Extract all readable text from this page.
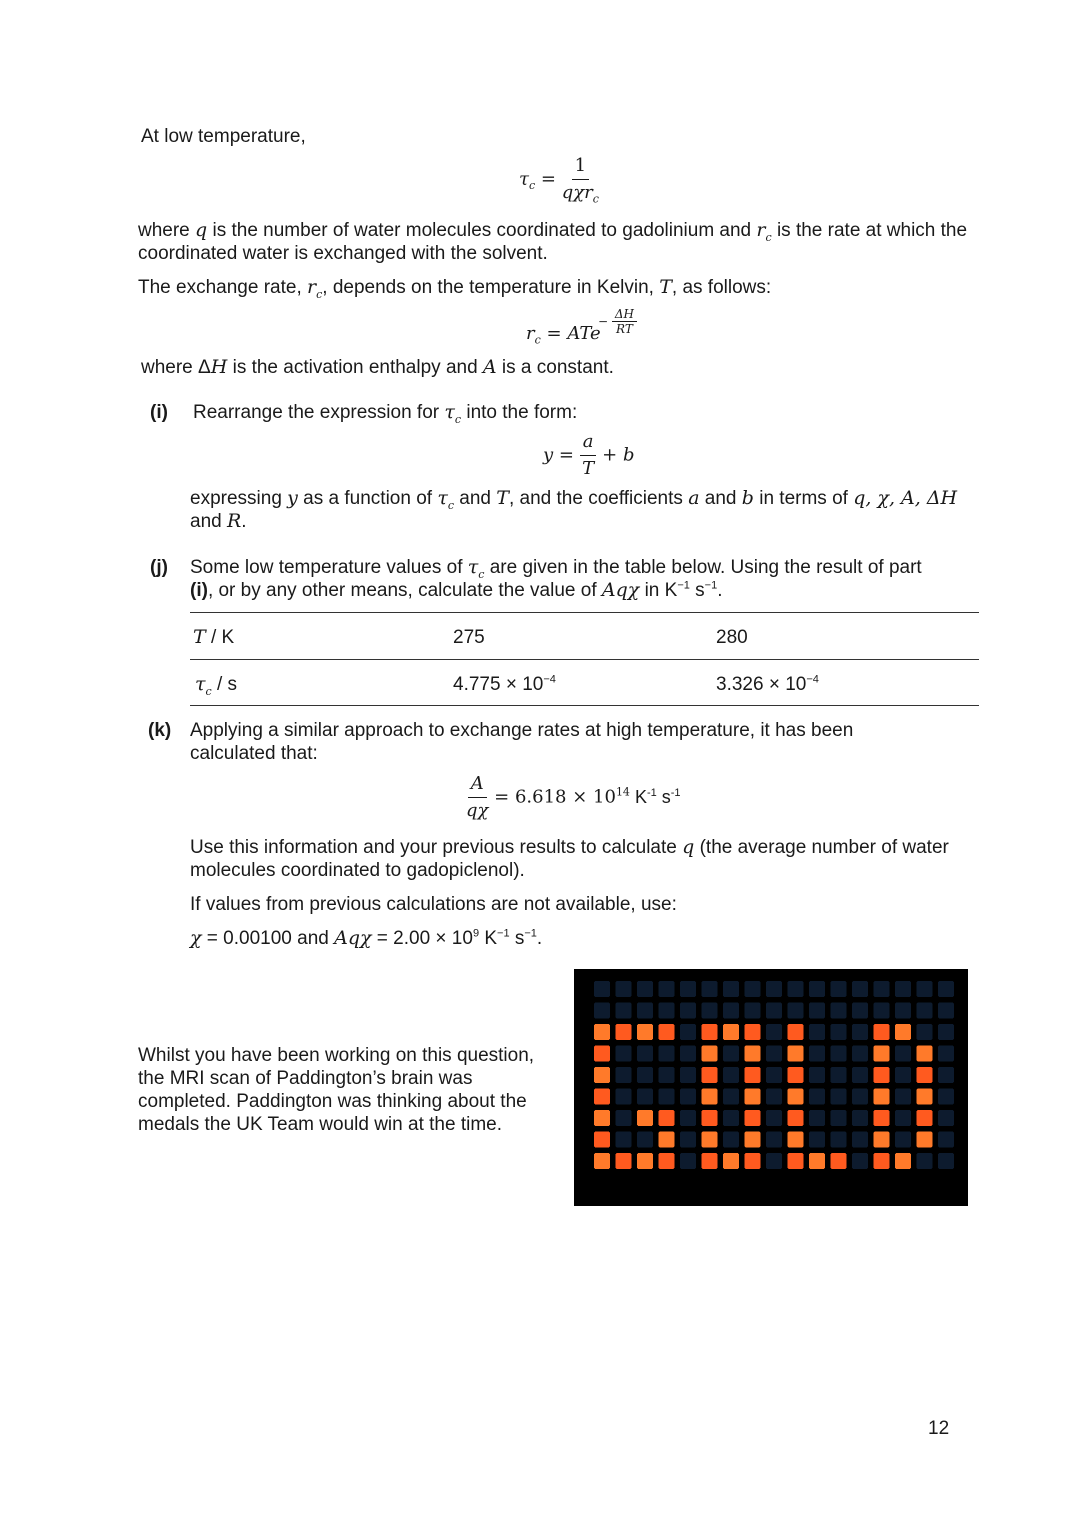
At low temperature,
$\tau_c = \frac{1}{q\chi r_c}$
where q is the number of water molecules coordinated to gadolinium and $r_c$ is the rate at which the coordinated water is exchanged with the solvent.
The exchange rate, $r_c$, depends on the temperature in Kelvin, T, as follows:
$r_c$ = ATe
− $\frac{\Delta H}{RT}$
where ΔH is the activation enthalpy and A is a constant.
(i) Rearrange the expression for $\tau_c$ into the form:
$y = \frac{a}{T} + b$
expressing y as a function of $\tau_c$ and T, and the coefficients a and b in terms of q, χ, A, ΔH
and R.
(j) Some low temperature values of $\tau_c$ are given in the table below. Using the result of part
(i), or by any other means, calculate the value of Aqχ in $K^{-1}$ $s^{-1}$.
T / K	275	280
$\tau_c$ / s	$4.775 \times 10^{-4}$	$3.326 \times 10^{-4}$
(k) Applying a similar approach to exchange rates at high temperature, it has been calculated that:
$\frac{A}{q\chi} = 6.618 \times 10^{14}$ $K^{-1}$ $s^{-1}$
Use this information and your previous results to calculate q (the average number of water molecules coordinated to gadopiclenol).
If values from previous calculations are not available, use:
χ = 0.00100 and $Aq\chi = 2.00 \times 10^9$ $K^{-1}$ $s^{-1}$.
Whilst you have been working on this question, the MRI scan of Paddington’s brain was completed. Paddington was thinking about the medals the UK Team would win at the time.
12
